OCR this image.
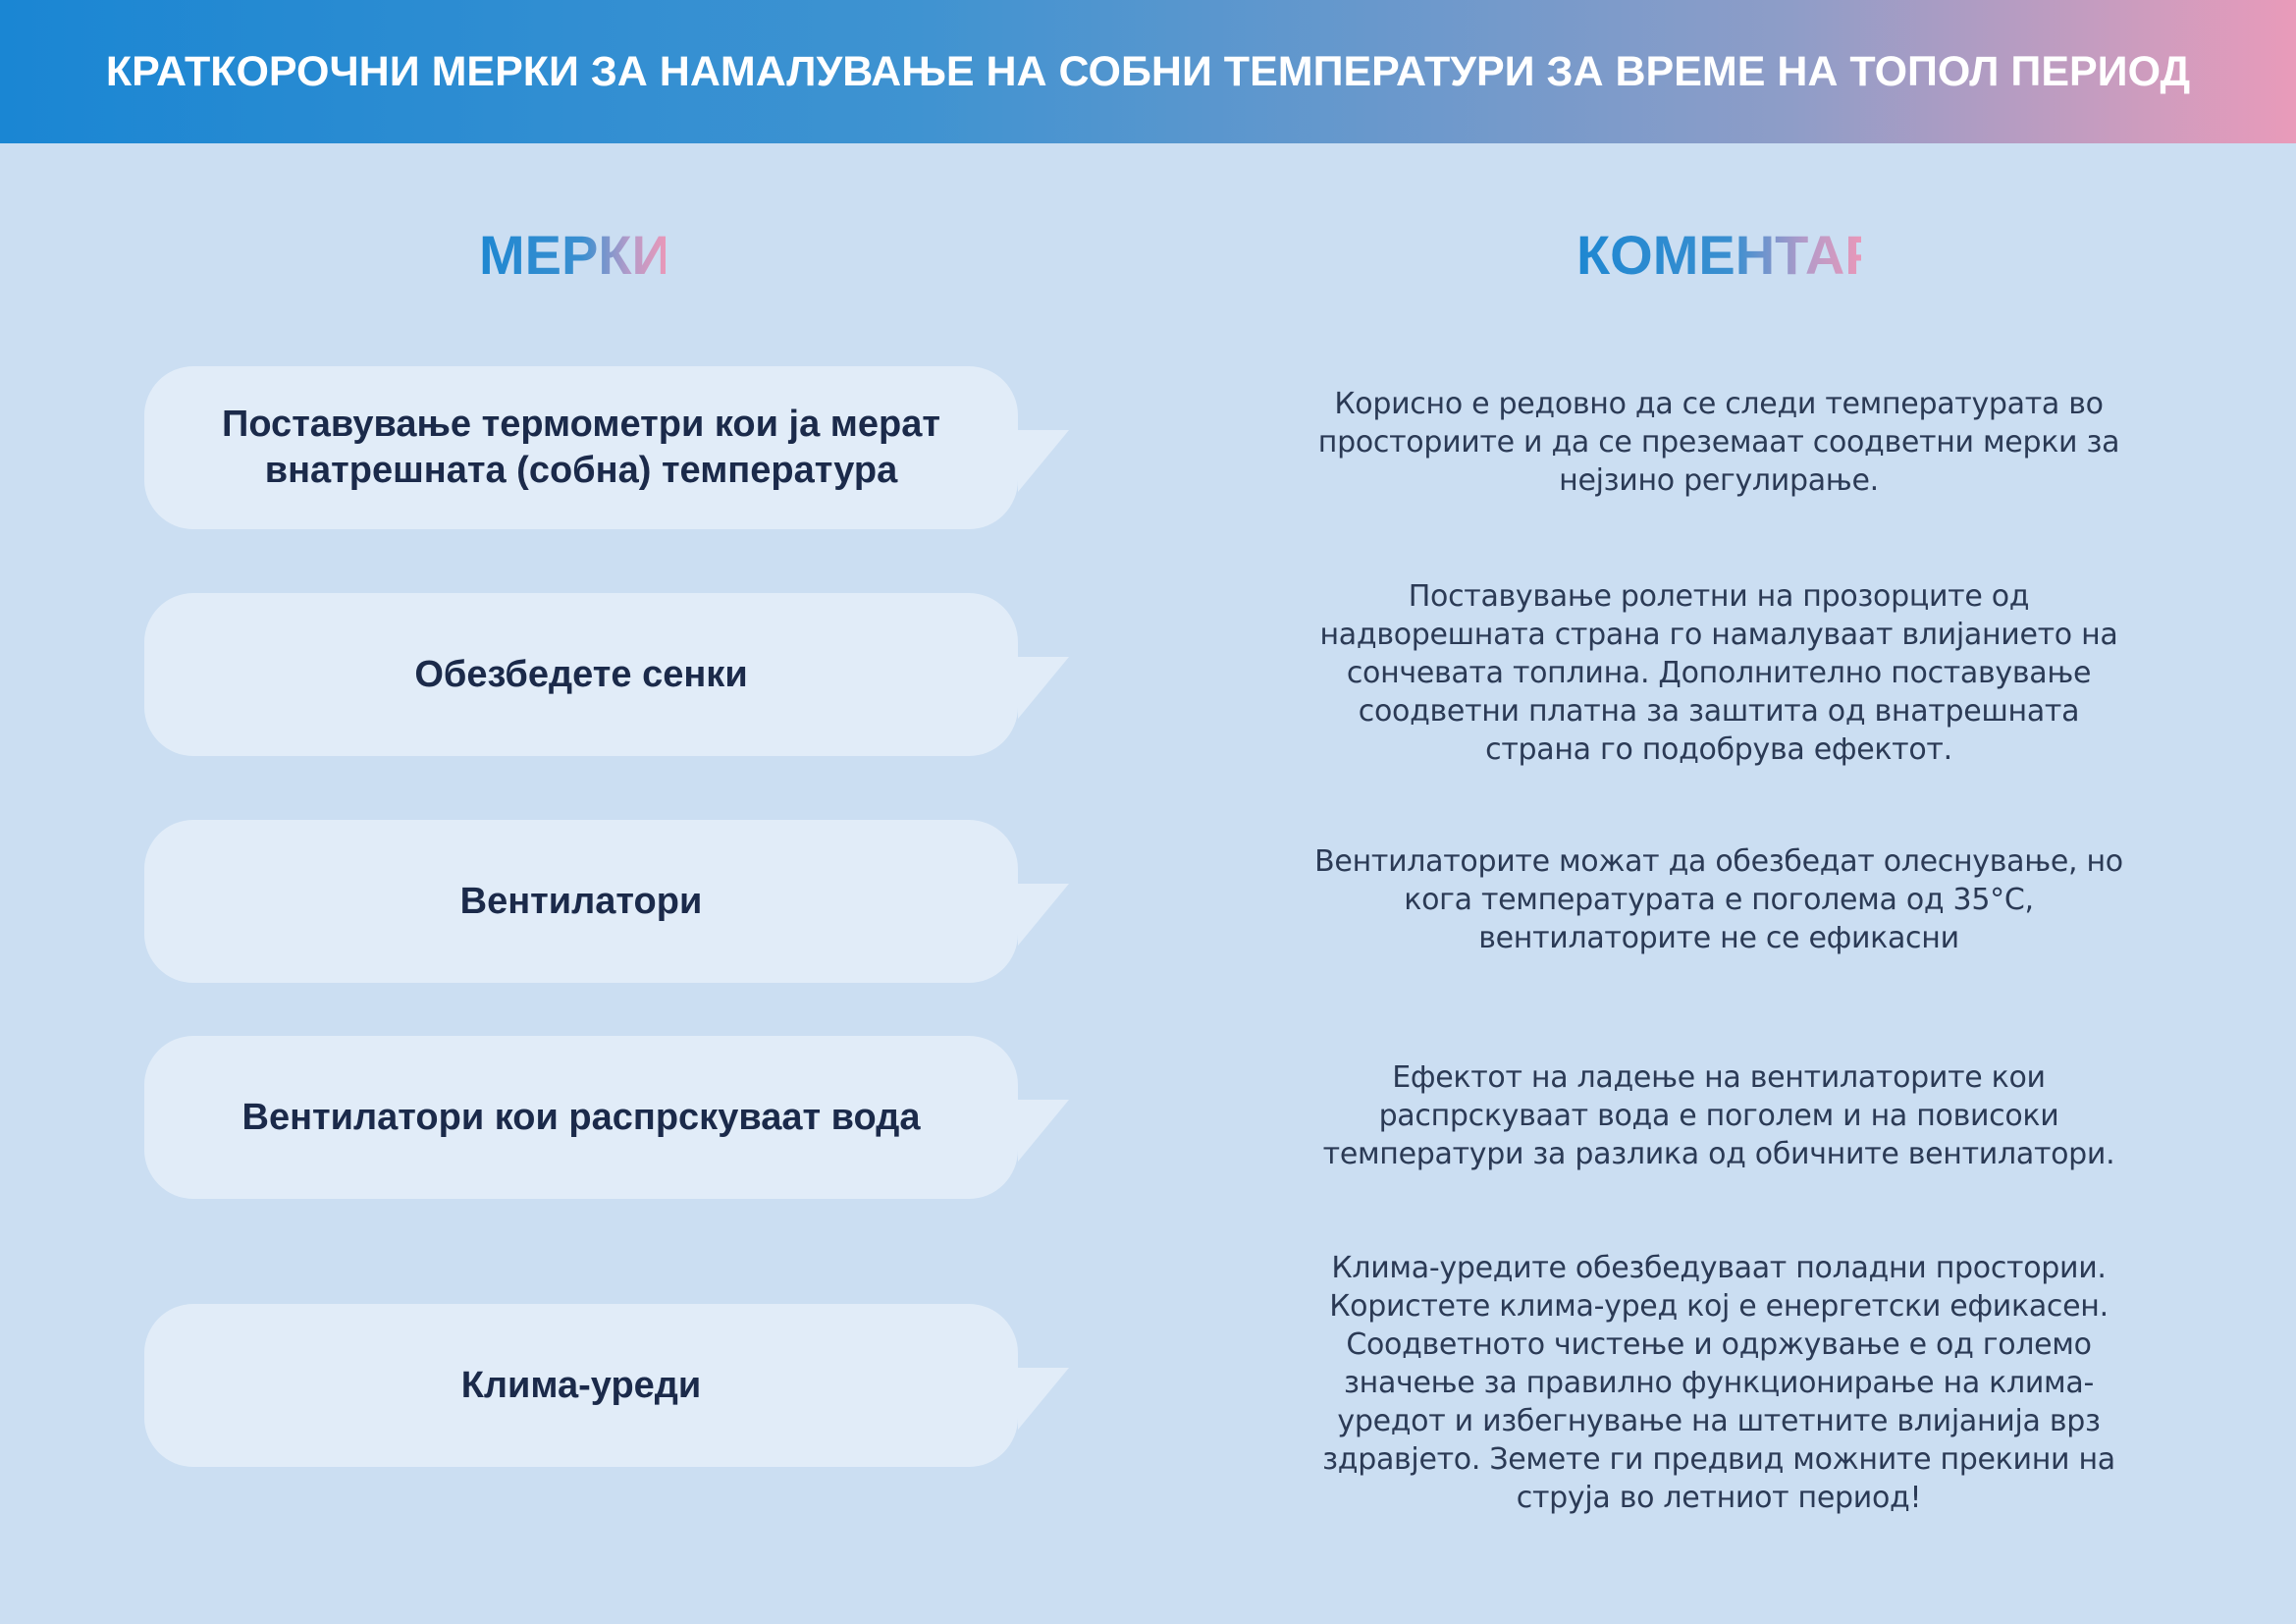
КРАТКОРОЧНИ МЕРКИ ЗА НАМАЛУВАЊЕ НА СОБНИ ТЕМПЕРАТУРИ ЗА ВРЕМЕ НА ТОПОЛ ПЕРИОД
МЕРКИ	КОМЕНТАР
Поставување термометри кои ја мерат внатрешната (собна) температура
Корисно е редовно да се следи температурата во просториите и да се преземаат соодветни мерки за нејзино регулирање.
Обезбедете сенки
Поставување ролетни на прозорците од надворешната страна го намалуваат влијанието на сончевата топлина. Дополнително поставување соодветни платна за заштита од внатрешната страна го подобрува ефектот.
Вентилатори
Вентилаторите можат да обезбедат олеснување, но кога температурата е поголема од 35°С, вентилаторите не се ефикасни
Вентилатори кои распрскуваат вода
Ефектот на ладење на вентилаторите кои распрскуваат вода е поголем и на повисоки температури за разлика од обичните вентилатори.
Клима-уреди
Клима-уредите обезбедуваат поладни простории. Користете клима-уред кој е енергетски ефикасен. Соодветното чистење и одржување е од големо значење за правилно функционирање на клима-уредот и избегнување на штетните влијанија врз здравјето. Земете ги предвид можните прекини на струја во летниот период!
